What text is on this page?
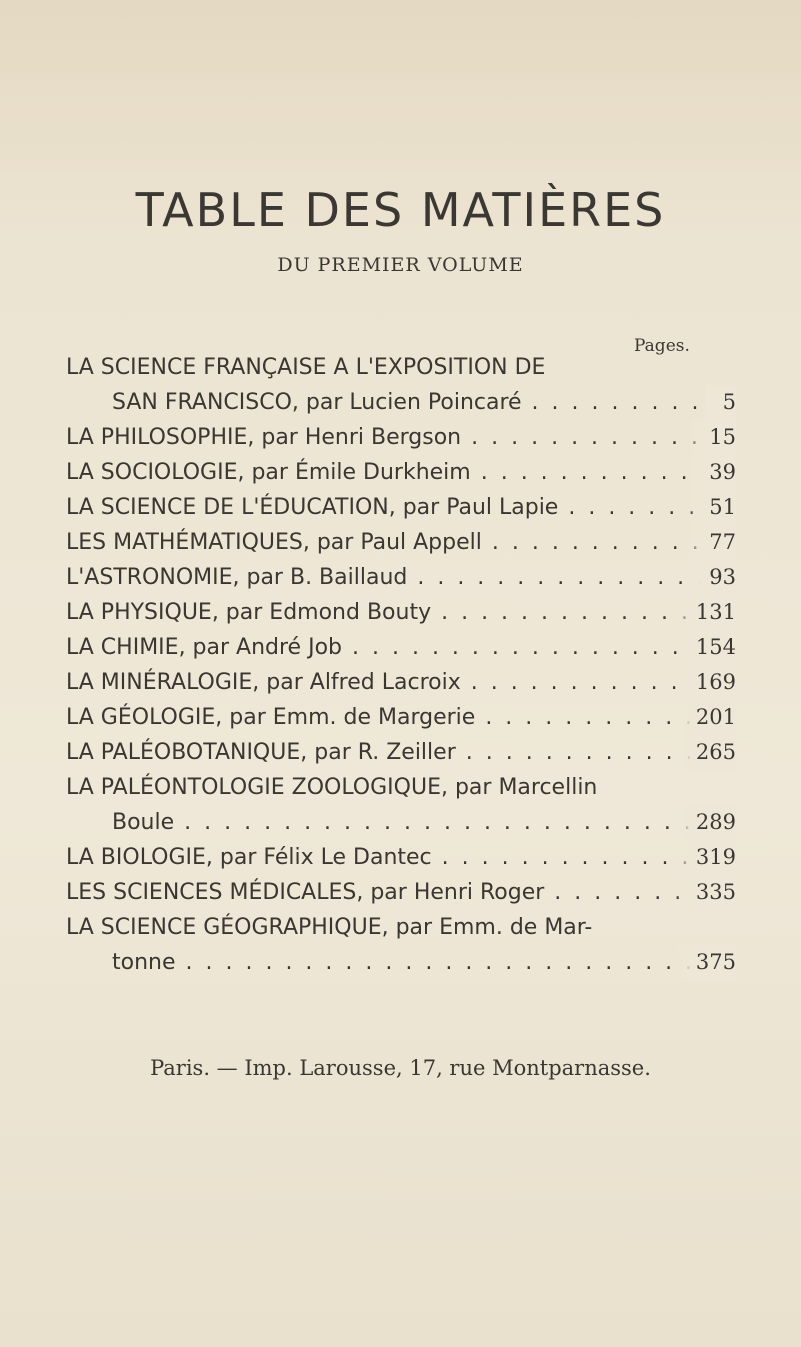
TABLE DES MATIÈRES
DU PREMIER VOLUME
Pages.
LA SCIENCE FRANÇAISE A L'EXPOSITION DE
SAN FRANCISCO, par Lucien Poincaré . . .	5
LA PHILOSOPHIE, par Henri Bergson . . .	15
LA SOCIOLOGIE, par Émile Durkheim . . .	39
LA SCIENCE DE L'ÉDUCATION, par Paul Lapie . . .	51
LES MATHÉMATIQUES, par Paul Appell . . .	77
L'ASTRONOMIE, par B. Baillaud . . .	93
LA PHYSIQUE, par Edmond Bouty . . .	131
LA CHIMIE, par André Job . . .	154
LA MINÉRALOGIE, par Alfred Lacroix . . .	169
LA GÉOLOGIE, par Emm. de Margerie . . .	201
LA PALÉOBOTANIQUE, par R. Zeiller . . .	265
LA PALÉONTOLOGIE ZOOLOGIQUE, par Marcellin
Boule . . .	289
LA BIOLOGIE, par Félix Le Dantec . . .	319
LES SCIENCES MÉDICALES, par Henri Roger . . .	335
LA SCIENCE GÉOGRAPHIQUE, par Emm. de Mar-
tonne . . .	375
Paris. — Imp. Larousse, 17, rue Montparnasse.
